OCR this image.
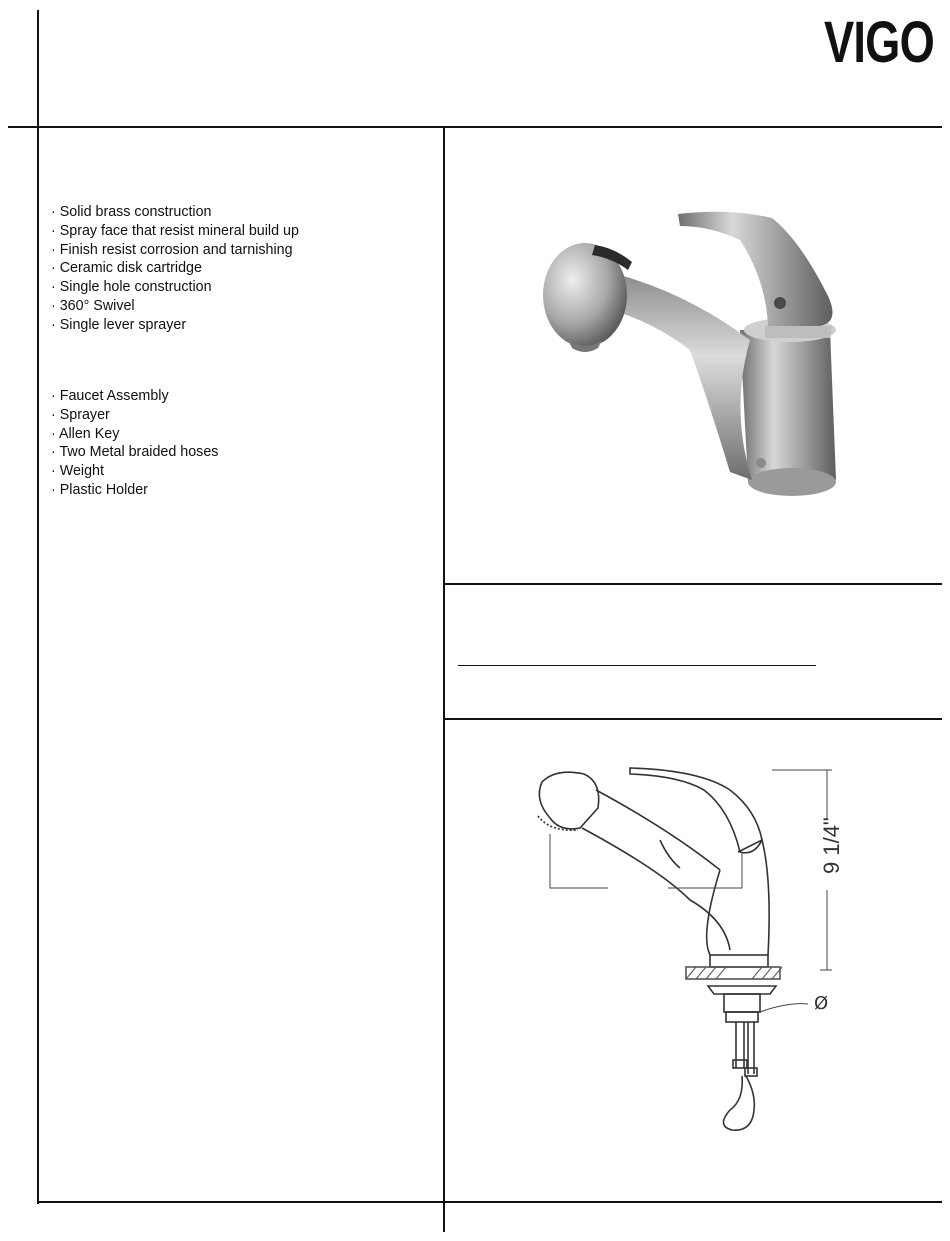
VIGO
· Solid brass construction
· Spray face that resist mineral build up
· Finish resist corrosion and tarnishing
· Ceramic disk cartridge
· Single hole construction
· 360° Swivel
· Single lever sprayer
· Faucet Assembly
· Sprayer
· Allen Key
· Two Metal braided hoses
· Weight
· Plastic Holder
9 1/4"
Ø
